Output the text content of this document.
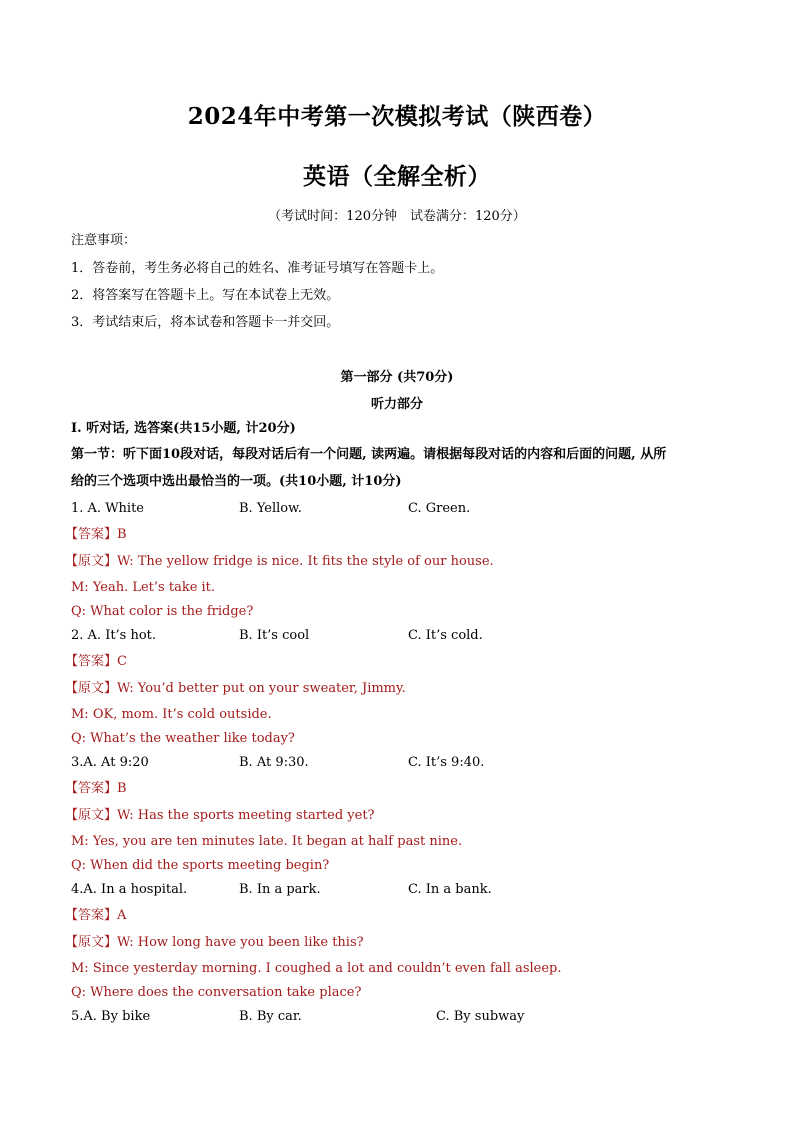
2024年中考第一次模拟考试（陕西卷）
英语（全解全析）
（考试时间：120分钟　试卷满分：120分）
注意事项：
1．答卷前，考生务必将自己的姓名、准考证号填写在答题卡上。
2．将答案写在答题卡上。写在本试卷上无效。
3．考试结束后，将本试卷和答题卡一并交回。
第一部分 (共70分)
听力部分
I. 听对话, 选答案(共15小题, 计20分)
第一节：听下面10段对话，每段对话后有一个问题, 读两遍。请根据每段对话的内容和后面的问题, 从所
给的三个选项中选出最恰当的一项。(共10小题, 计10分)
1. A. White	B. Yellow.	C. Green.
【答案】B
【原文】W: The yellow fridge is nice. It fits the style of our house.
M: Yeah. Let’s take it.
Q: What color is the fridge?
2. A. It’s hot.	B. It’s cool	C. It’s cold.
【答案】C
【原文】W: You’d better put on your sweater, Jimmy.
M: OK, mom. It’s cold outside.
Q: What’s the weather like today?
3.A. At 9:20	B. At 9:30.	C. It’s 9:40.
【答案】B
【原文】W: Has the sports meeting started yet?
M: Yes, you are ten minutes late. It began at half past nine.
Q: When did the sports meeting begin?
4.A. In a hospital.	B. In a park.	C. In a bank.
【答案】A
【原文】W: How long have you been like this?
M: Since yesterday morning. I coughed a lot and couldn’t even fall asleep.
Q: Where does the conversation take place?
5.A. By bike	B. By car.	C. By subway
